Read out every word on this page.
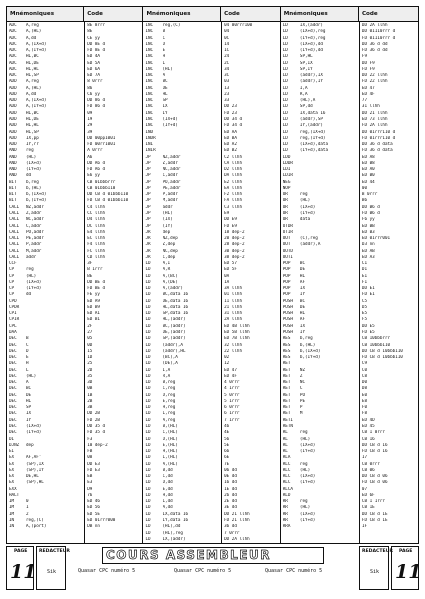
Mnémoniques	Code
ADC	A,reg	8E 8rrr
ADC	A,(HL)	8E
ADC	A,dd	CE yy
ADC	A,(IX+d)	DD 8E d
ADC	A,(IY+d)	FD 8E d
ADC	HL,BC	ED 4A
ADC	HL,DE	ED 5A
ADC	HL,HL	ED 6A
ADC	HL,SP	ED 7A
ADD	A,reg	8 0rrr
ADD	A,(HL)	86
ADD	A,dd	C6 yy
ADD	A,(IX+d)	DD 86 d
ADD	A,(IY+d)	FD 86 d
ADD	HL,BC	09
ADD	HL,DE	19
ADD	HL,HL	29
ADD	HL,SP	39
ADD	IX,pp	DD 00pp1001
ADD	IY,rr	FD 00rr1001
AND	reg	A 0rrr
AND	(HL)	A6
AND	(IX+d)	DD A6 d
AND	(IY+d)	FD A6 d
AND	dd	E6 yy
BIT	b,reg	CB 01bbbrrr
BIT	b,(HL)	CB 01bbb110
BIT	b,(IX+d)	DD CB d 01bbb110
BIT	b,(IY+d)	FD CB d 01bbb110
CALL	NZ,addr	C4 llhh
CALL	Z,addr	CC llhh
CALL	NC,addr	D4 llhh
CALL	C,addr	DC llhh
CALL	PO,addr	E4 llhh
CALL	PE,addr	EC llhh
CALL	P,addr	F4 llhh
CALL	M,addr	FC llhh
CALL	addr	CD llhh
CCF	3F
CP	reg	B 1rrr
CP	(HL)	BE
CP	(IX+d)	DD BE d
CP	(IY+d)	FD BE d
CP	dd	FE yy
CPD	ED A9
CPDR	ED B9
CPI	ED A1
CPIR	ED B1
CPL	2F
DAA	27
DEC	B	05
DEC	C	0D
DEC	D	15
DEC	E	1D
DEC	H	25
DEC	L	2D
DEC	(HL)	35
DEC	A	3D
DEC	BC	0B
DEC	DE	1B
DEC	HL	2B
DEC	SP	3B
DEC	IX	DD 2B
DEC	IY	FD 2B
DEC	(IX+d)	DD 35 d
DEC	(IY+d)	FD 35 d
DI	F3
DJNZ	dep	10 dep-2
EI	FB
EX	AF,AF'	08
EX	(SP),IX	DD E3
EX	(SP),IY	FD E3
EX	DE,HL	EB
EX	(SP),HL	E3
EXX	D9
HALT	76
IM	0	ED 46
IM	1	ED 56
IM	2	ED 5E
IN	reg,(C)	ED 01rrr000
IN	A,(port)	DB nn
Mnémoniques	Code
INC	reg,(C)	04 00rrr100
INC	B	04
INC	C	0C
INC	D	14
INC	E	1C
INC	H	24
INC	L	2C
INC	(HL)	34
INC	A	3C
INC	BC	03
INC	DE	13
INC	HL	23
INC	SP	33
INC	IX	DD 23
INC	IY	FD 23
INC	(IX+d)	DD 34 d
INC	(IY+d)	FD 34 d
IND	ED AA
INDR	ED BA
INI	ED A2
INIR	ED B2
JP	NZ,addr	C2 llhh
JP	Z,addr	CA llhh
JP	NC,addr	D2 llhh
JP	C,addr	DA llhh
JP	PO,addr	E2 llhh
JP	PE,addr	EA llhh
JP	P,addr	F2 llhh
JP	M,addr	FA llhh
JP	addr	C3 llhh
JP	(HL)	E9
JP	(IX)	DD E9
JP	(IY)	FD E9
JR	dep	18 dep-2
JR	NZ,dep	20 dep-2
JR	Z,dep	28 dep-2
JR	NC,dep	30 dep-2
JR	C,dep	38 dep-2
LD	A,I	ED 57
LD	A,R	ED 5F
LD	A,(BC)	0A
LD	A,(DE)	1A
LD	A,(addr)	3A llhh
LD	BC,data 16	01 llhh
LD	DE,data 16	11 llhh
LD	HL,data 16	21 llhh
LD	SP,data 16	31 llhh
LD	HL,(addr)	2A llhh
LD	BC,(addr)	ED 4B llhh
LD	DE,(addr)	ED 5B llhh
LD	SP,(addr)	ED 7B llhh
LD	(addr),A	32 llhh
LD	(addr),HL	22 llhh
LD	(BC),A	02
LD	(DE),A	12
LD	I,A	ED 47
LD	R,A	ED 4F
LD	B,reg	4 0rrr
LD	C,reg	4 1rrr
LD	D,reg	5 0rrr
LD	E,reg	5 1rrr
LD	H,reg	6 0rrr
LD	L,reg	6 1rrr
LD	A,reg	7 1rrr
LD	B,(HL)	46
LD	C,(HL)	4E
LD	D,(HL)	56
LD	E,(HL)	5E
LD	H,(HL)	66
LD	L,(HL)	6E
LD	A,(HL)	7E
LD	B,dd	06 dd
LD	C,dd	0E dd
LD	D,dd	16 dd
LD	E,dd	1E dd
LD	H,dd	26 dd
LD	L,dd	2E dd
LD	A,dd	3E dd
LD	IX,data 16	DD 21 llhh
LD	IY,data 16	FD 21 llhh
LD	(HL),dd	36 dd
LD	(HL),reg	7 0rrr
LD	IX,(addr)	DD 2A llhh
Mnémoniques	Code
LD	IX,(addr)	DD 2A llhh
LD	(IX+d),reg	DD 01110rrr d
LD	(IY+d),reg	FD 01110rrr d
LD	(IX+d),dd	DD 36 d dd
LD	(IY+d),dd	FD 36 d dd
LD	SP,HL	F9
LD	SP,IX	DD F9
LD	SP,IY	FD F9
LD	(addr),IX	DD 22 llhh
LD	(addr),IY	FD 22 llhh
LD	I,A	ED 47
LD	R,A	ED 4F
LD	(HL),A	77
LD	SP,dd	31 llhh
LD	IX,data 16	DD 21 llhh
LD	(addr),SP	ED 73 llhh
LD	IY,(addr)	FD 2A llhh
LD	reg,(IX+d)	DD 01rrr110 d
LD	reg,(IY+d)	FD 01rrr110 d
LD	(IX+d),data	DD 36 d data
LD	(IY+d),data	FD 36 d data
LDD	ED A8
LDDR	ED B8
LDI	ED A0
LDIR	ED B0
NEG	ED 44
NOP	00
OR	reg	B 0rrr
OR	(HL)	B6
OR	(IX+d)	DD B6 d
OR	(IY+d)	FD B6 d
OR	data	F6 yy
OTDR	ED BB
OTIR	ED B3
OUT	(C),reg	ED 01rrr001
OUT	(addr),A	D3 nn
OUTD	ED AB
OUTI	ED A3
POP	BC	C1
POP	DE	D1
POP	HL	E1
POP	AF	F1
POP	IX	DD E1
POP	IY	FD E1
PUSH	BC	C5
PUSH	DE	D5
PUSH	HL	E5
PUSH	AF	F5
PUSH	IX	DD E5
PUSH	IY	FD E5
RES	b,reg	CB 10bbbrrr
RES	b,(HL)	CB 10bbb110
RES	b,(IX+d)	DD CB d 10bbb110
RES	b,(IY+d)	FD CB d 10bbb110
RET	C9
RET	NZ	C0
RET	Z	C8
RET	NC	D0
RET	C	D8
RET	PO	E0
RET	PE	E8
RET	P	F0
RET	M	F8
RETI	ED 4D
RETN	ED 45
RL	reg	CB 1 0rrr
RL	(HL)	CB 16
RL	(IX+d)	DD CB d 16
RL	(IY+d)	FD CB d 16
RLA	17
RLC	reg	CB 0rrr
RLC	(HL)	CB 06
RLC	(IX+d)	DD CB d 06
RLC	(IY+d)	FD CB d 06
RLCA	07
RLD	ED 6F
RR	reg	CB 1 1rrr
RR	(HL)	CB 1E
RR	(IX+d)	DD CB d 1E
RR	(IY+d)	FD CB d 1E
RRA	1F
PAGE
11
REDACTEUR
Sik
COURS ASSEMBLEUR
Quasar CPC numéro 5	Quasar CPC numéro 5	Quasar CPC numéro 5
REDACTEUR
Sik
PAGE
11
